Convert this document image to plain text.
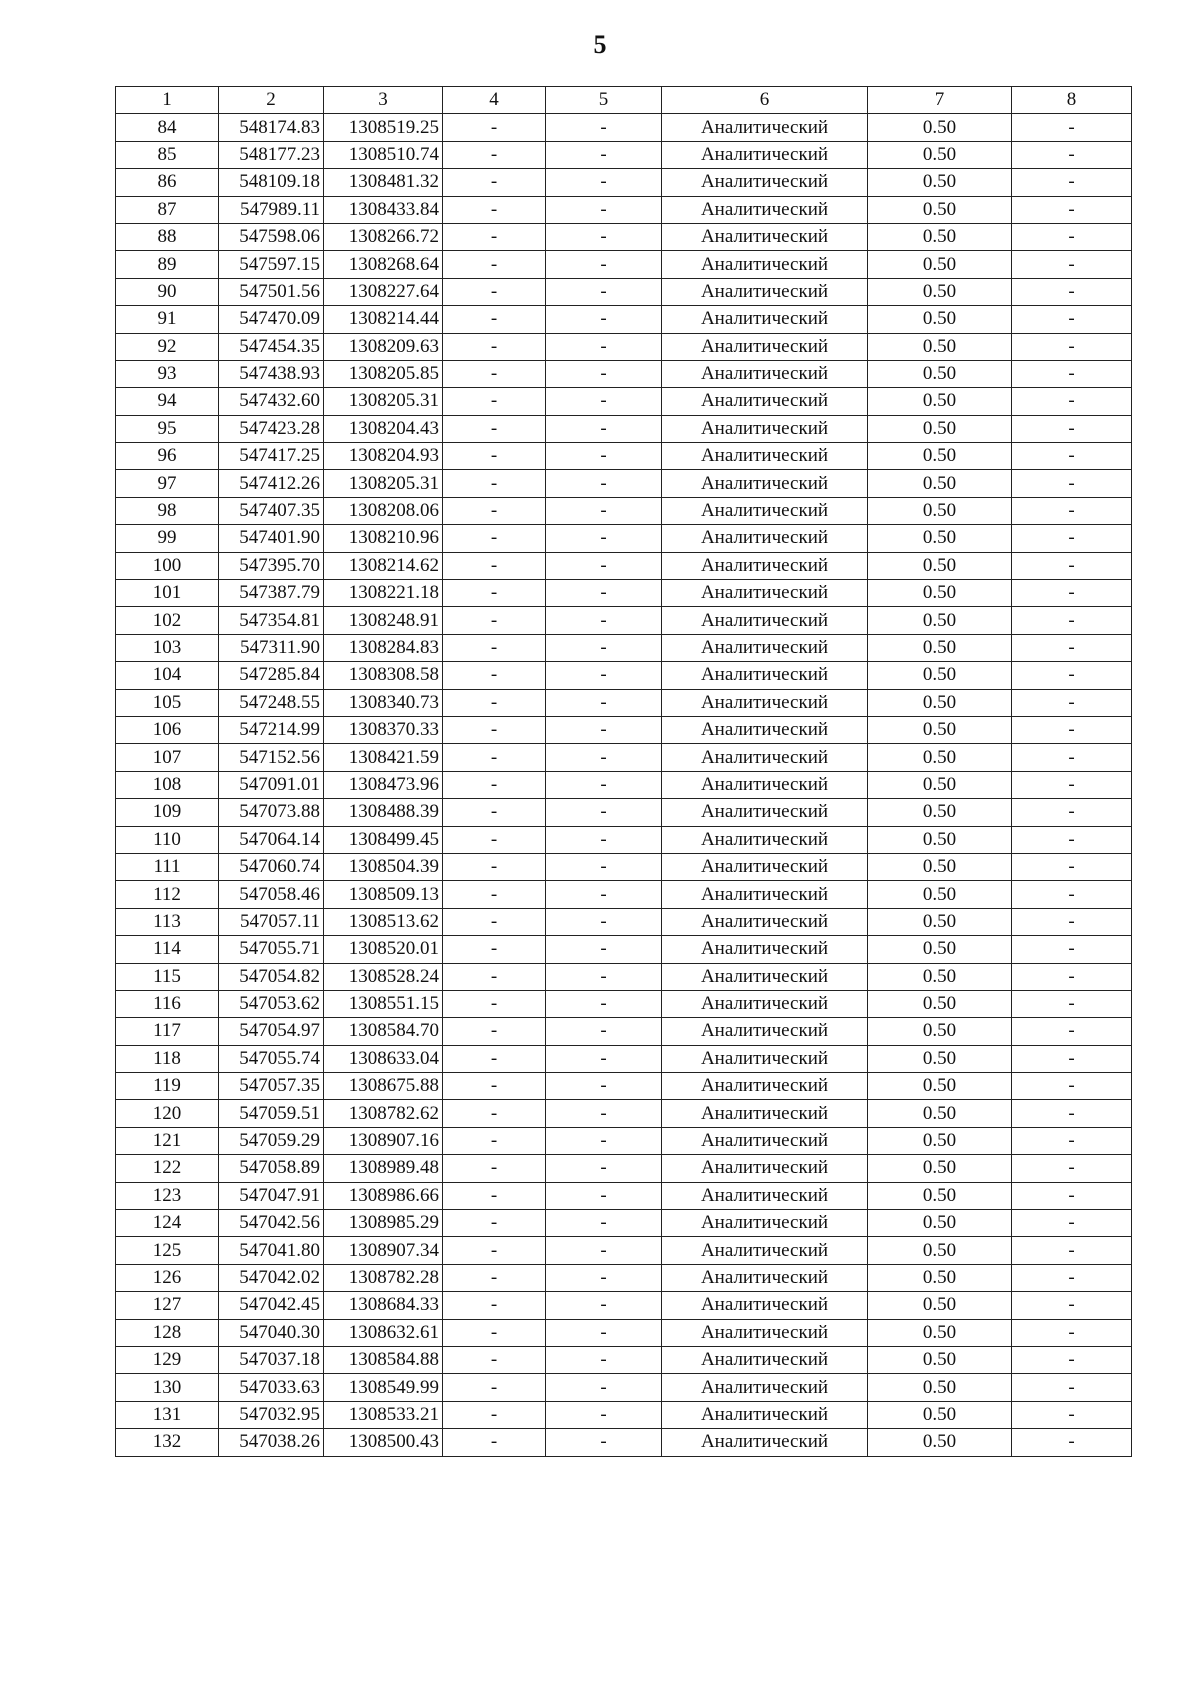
5
1	2	3	4	5	6	7	8
84	548174.83	1308519.25	-	-	Аналитический	0.50	-
85	548177.23	1308510.74	-	-	Аналитический	0.50	-
86	548109.18	1308481.32	-	-	Аналитический	0.50	-
87	547989.11	1308433.84	-	-	Аналитический	0.50	-
88	547598.06	1308266.72	-	-	Аналитический	0.50	-
89	547597.15	1308268.64	-	-	Аналитический	0.50	-
90	547501.56	1308227.64	-	-	Аналитический	0.50	-
91	547470.09	1308214.44	-	-	Аналитический	0.50	-
92	547454.35	1308209.63	-	-	Аналитический	0.50	-
93	547438.93	1308205.85	-	-	Аналитический	0.50	-
94	547432.60	1308205.31	-	-	Аналитический	0.50	-
95	547423.28	1308204.43	-	-	Аналитический	0.50	-
96	547417.25	1308204.93	-	-	Аналитический	0.50	-
97	547412.26	1308205.31	-	-	Аналитический	0.50	-
98	547407.35	1308208.06	-	-	Аналитический	0.50	-
99	547401.90	1308210.96	-	-	Аналитический	0.50	-
100	547395.70	1308214.62	-	-	Аналитический	0.50	-
101	547387.79	1308221.18	-	-	Аналитический	0.50	-
102	547354.81	1308248.91	-	-	Аналитический	0.50	-
103	547311.90	1308284.83	-	-	Аналитический	0.50	-
104	547285.84	1308308.58	-	-	Аналитический	0.50	-
105	547248.55	1308340.73	-	-	Аналитический	0.50	-
106	547214.99	1308370.33	-	-	Аналитический	0.50	-
107	547152.56	1308421.59	-	-	Аналитический	0.50	-
108	547091.01	1308473.96	-	-	Аналитический	0.50	-
109	547073.88	1308488.39	-	-	Аналитический	0.50	-
110	547064.14	1308499.45	-	-	Аналитический	0.50	-
111	547060.74	1308504.39	-	-	Аналитический	0.50	-
112	547058.46	1308509.13	-	-	Аналитический	0.50	-
113	547057.11	1308513.62	-	-	Аналитический	0.50	-
114	547055.71	1308520.01	-	-	Аналитический	0.50	-
115	547054.82	1308528.24	-	-	Аналитический	0.50	-
116	547053.62	1308551.15	-	-	Аналитический	0.50	-
117	547054.97	1308584.70	-	-	Аналитический	0.50	-
118	547055.74	1308633.04	-	-	Аналитический	0.50	-
119	547057.35	1308675.88	-	-	Аналитический	0.50	-
120	547059.51	1308782.62	-	-	Аналитический	0.50	-
121	547059.29	1308907.16	-	-	Аналитический	0.50	-
122	547058.89	1308989.48	-	-	Аналитический	0.50	-
123	547047.91	1308986.66	-	-	Аналитический	0.50	-
124	547042.56	1308985.29	-	-	Аналитический	0.50	-
125	547041.80	1308907.34	-	-	Аналитический	0.50	-
126	547042.02	1308782.28	-	-	Аналитический	0.50	-
127	547042.45	1308684.33	-	-	Аналитический	0.50	-
128	547040.30	1308632.61	-	-	Аналитический	0.50	-
129	547037.18	1308584.88	-	-	Аналитический	0.50	-
130	547033.63	1308549.99	-	-	Аналитический	0.50	-
131	547032.95	1308533.21	-	-	Аналитический	0.50	-
132	547038.26	1308500.43	-	-	Аналитический	0.50	-
